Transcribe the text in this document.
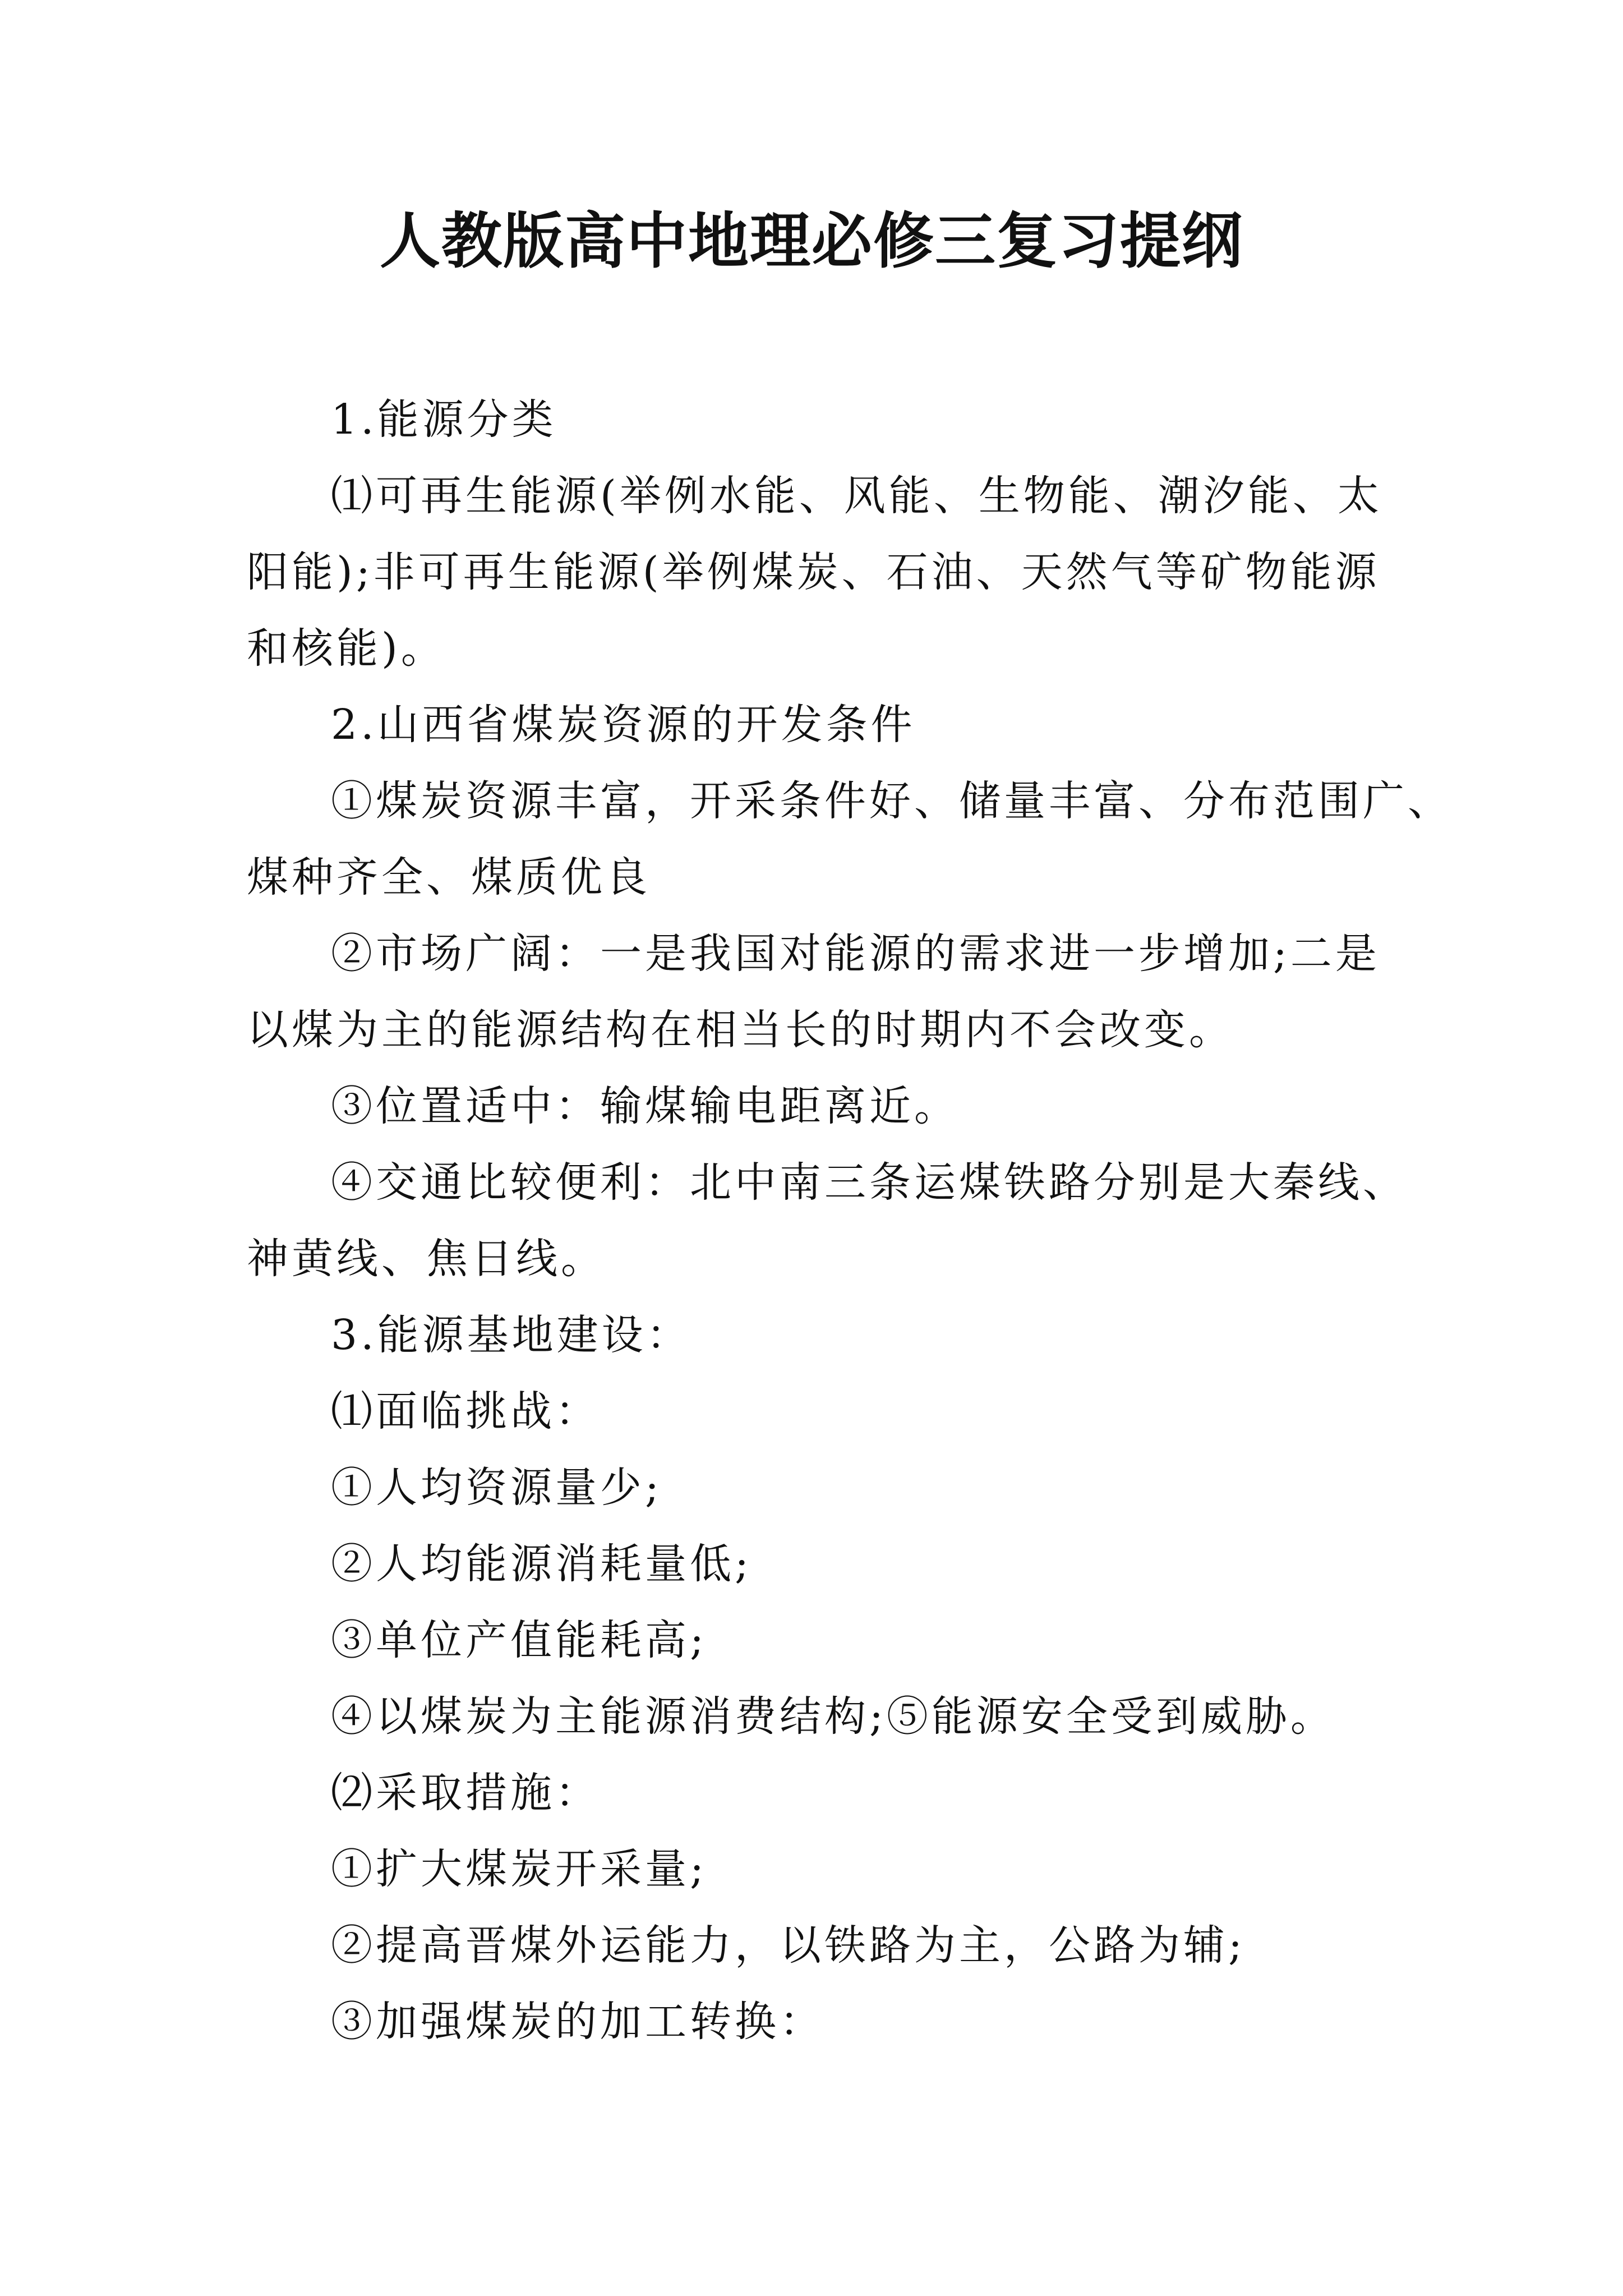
人教版高中地理必修三复习提纲

1.能源分类

⑴可再生能源(举例水能、风能、生物能、潮汐能、太

阳能);非可再生能源(举例煤炭、石油、天然气等矿物能源

和核能)。

2.山西省煤炭资源的开发条件

①煤炭资源丰富，开采条件好、储量丰富、分布范围广、

煤种齐全、煤质优良

②市场广阔：一是我国对能源的需求进一步增加;二是

以煤为主的能源结构在相当长的时期内不会改变。

③位置适中：输煤输电距离近。

④交通比较便利：北中南三条运煤铁路分别是大秦线、

神黄线、焦日线。

3.能源基地建设：

⑴面临挑战：

①人均资源量少;

②人均能源消耗量低;

③单位产值能耗高;

④以煤炭为主能源消费结构;⑤能源安全受到威胁。

⑵采取措施：

①扩大煤炭开采量;

②提高晋煤外运能力，以铁路为主，公路为辅;

③加强煤炭的加工转换：
